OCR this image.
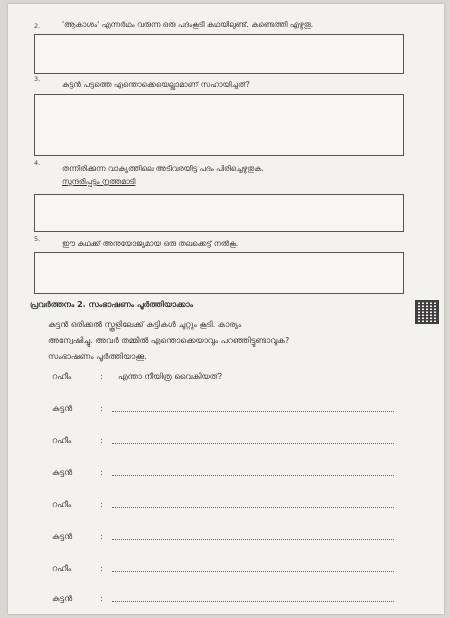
2.	'ആകാശം' എന്നർഥം വരുന്ന ഒരു പദംകൂടി കഥയിലുണ്ട്. കണ്ടെത്തി എഴുതൂ.
3.
കുട്ടൻ പട്ടത്തെ എന്തൊക്കെയെല്ലാമാണ് സഹായിച്ചത്?
4.
തന്നിരിക്കുന്ന വാക്യത്തിലെ അടിവരയിട്ട പദം പിരിച്ചെഴുതുക.
സുന്ദരിപ്പട്ടം നൃത്തമാടി
5.	ഈ കഥക്ക് അനുയോജ്യമായ ഒരു തലക്കെട്ട് നൽകൂ.
പ്രവർത്തനം 2. സംഭാഷണം പൂർത്തിയാക്കാം
കുട്ടൻ ഒരിക്കൽ സ്കൂളിലേക്ക് കുട്ടികൾ ചുറ്റും കൂടി. കാര്യം
അന്വേഷിച്ചു. അവർ തമ്മിൽ എന്തൊക്കെയാവും പറഞ്ഞിട്ടുണ്ടാവുക?
സംഭാഷണം പൂർത്തിയാക്കൂ.
റഹീം	: എന്താ നീയിത്ര വൈകിയത്?
കുട്ടൻ	:
റഹീം	:
കുട്ടൻ	:
റഹീം	:
കുട്ടൻ	:
റഹീം	:
കുട്ടൻ	:
